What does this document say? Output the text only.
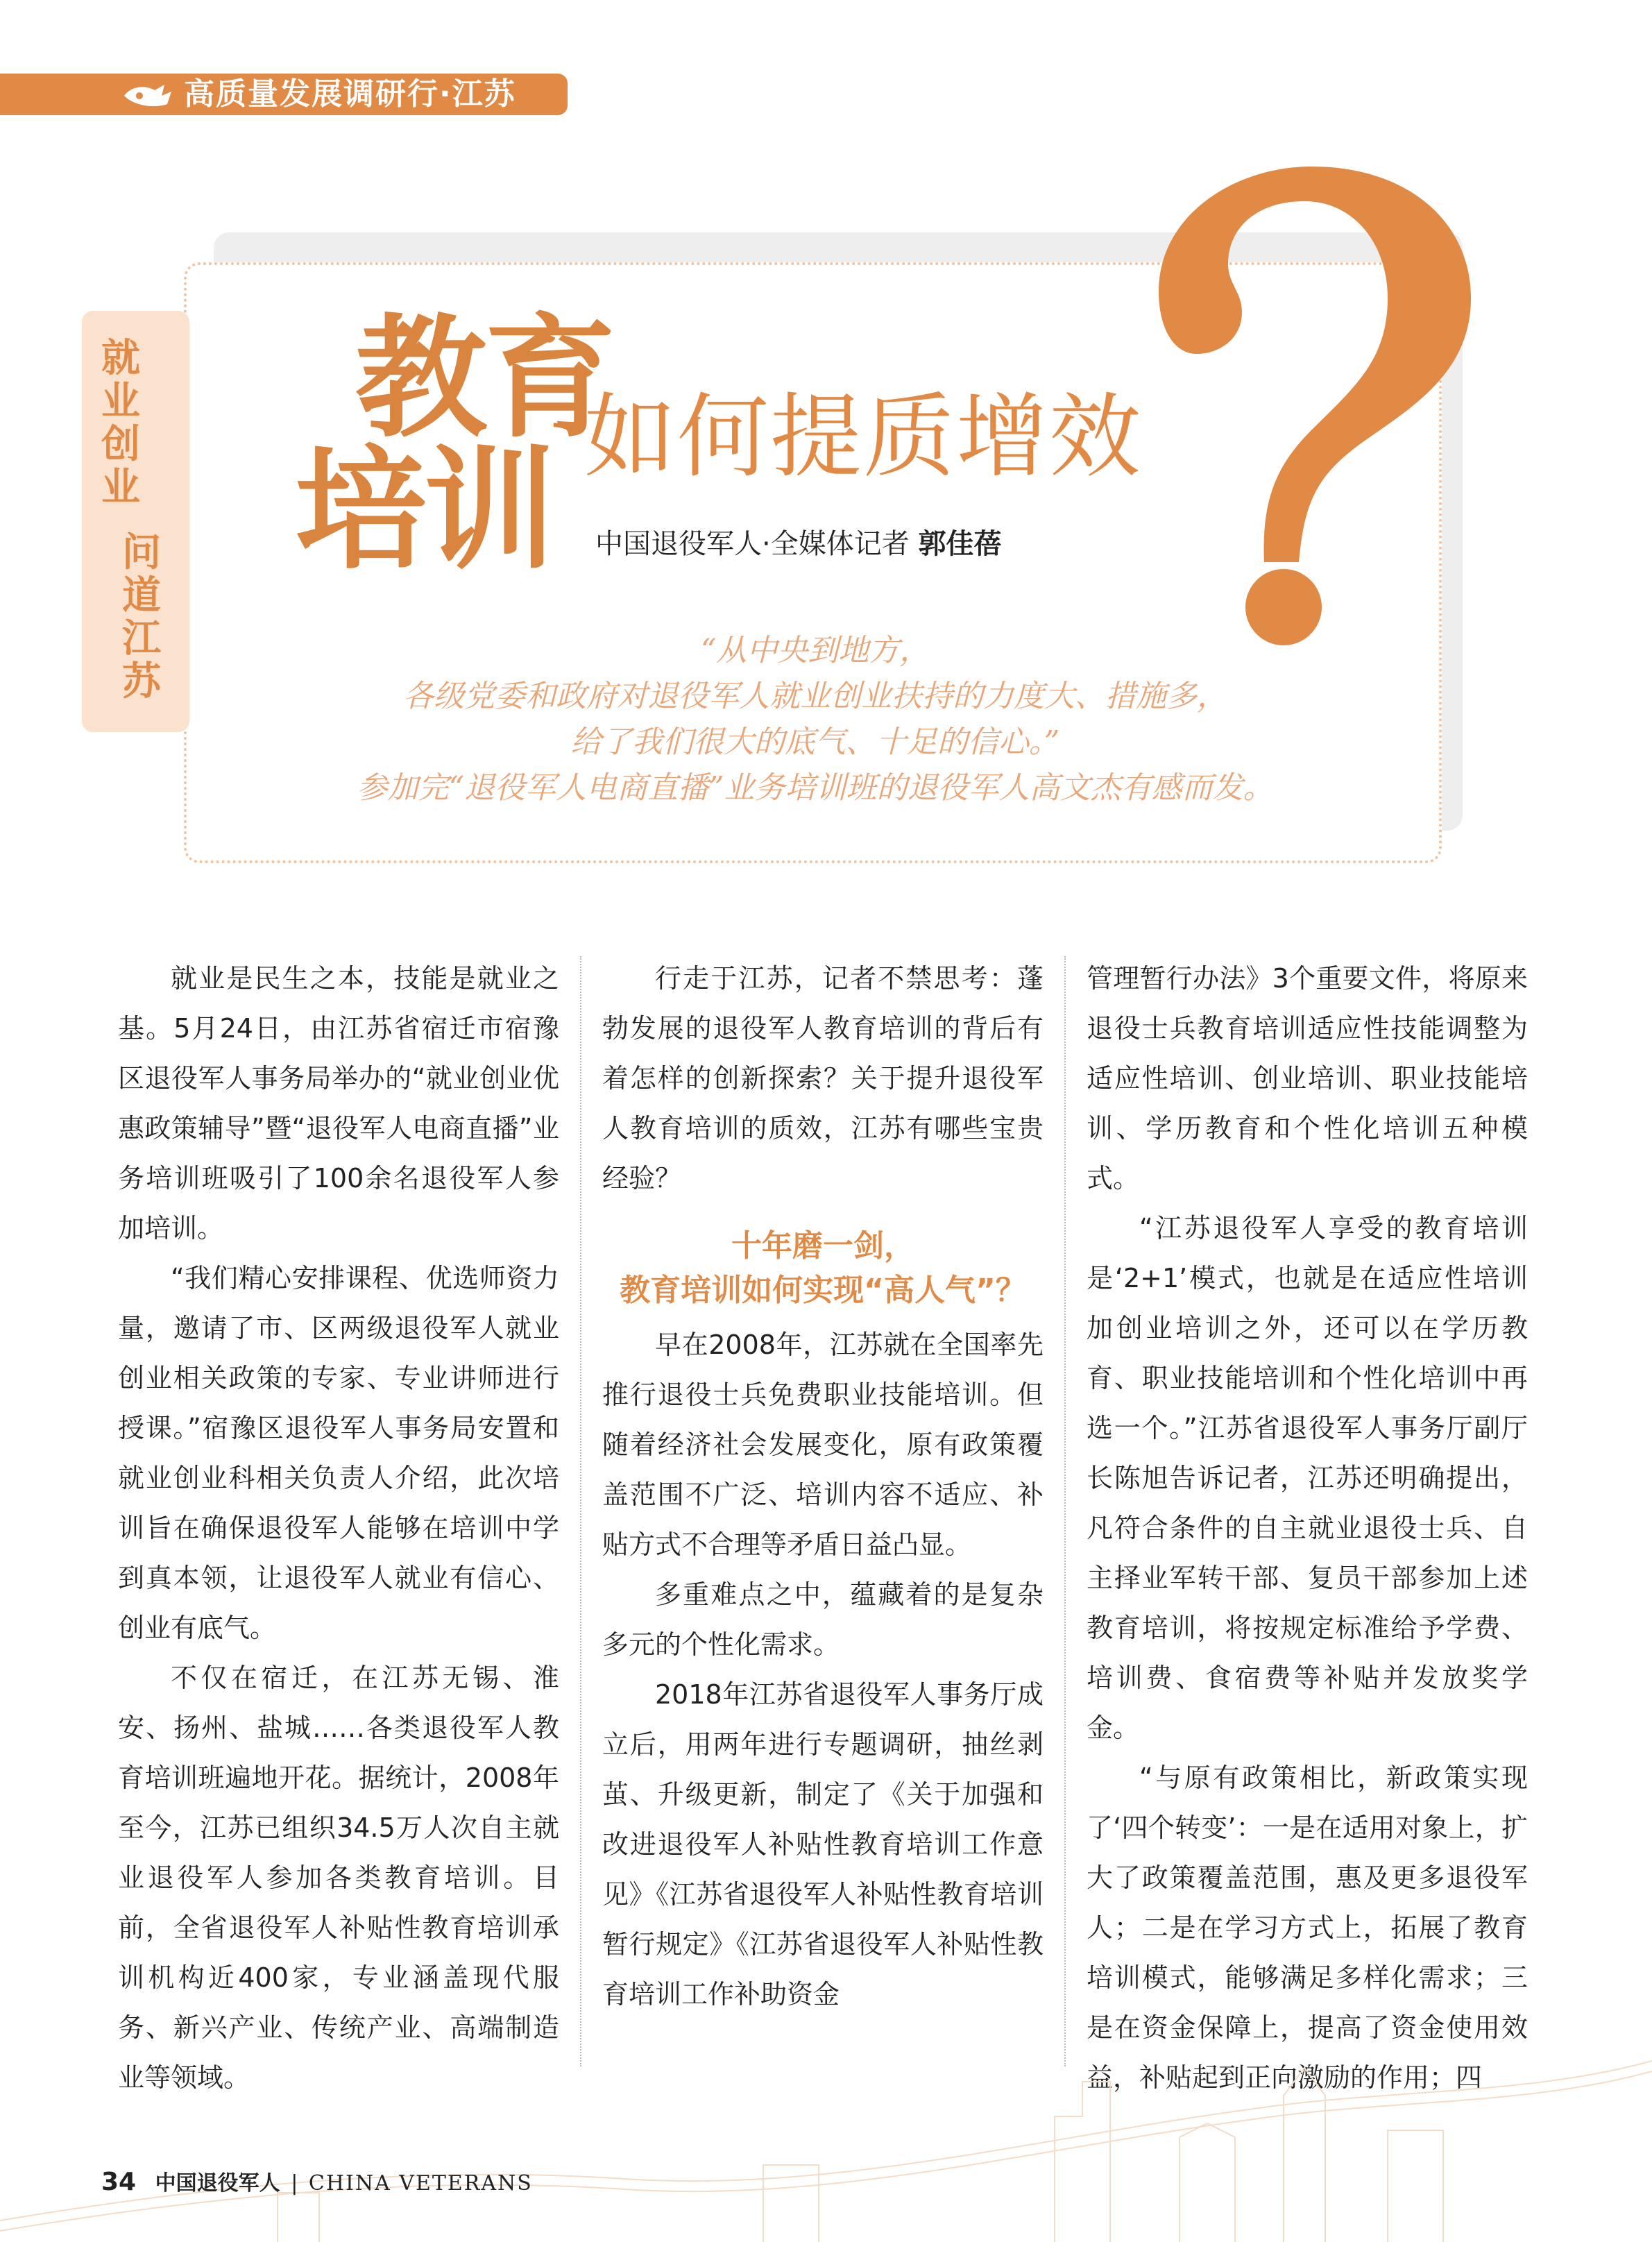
高质量发展调研行·江苏
就
业
创
业
问
道
江
苏
教育
培训 如何提质增效
中国退役军人·全媒体记者 郭佳蓓
“从中央到地方，
各级党委和政府对退役军人就业创业扶持的力度大、措施多，
给了我们很大的底气、十足的信心。”
参加完“退役军人电商直播”业务培训班的退役军人高文杰有感而发。

就业是民生之本，技能是就业之基。5月24日，由江苏省宿迁市宿豫区退役军人事务局举办的“就业创业优惠政策辅导”暨“退役军人电商直播”业务培训班吸引了100余名退役军人参加培训。

“我们精心安排课程、优选师资力量，邀请了市、区两级退役军人就业创业相关政策的专家、专业讲师进行授课。”宿豫区退役军人事务局安置和就业创业科相关负责人介绍，此次培训旨在确保退役军人能够在培训中学到真本领，让退役军人就业有信心、创业有底气。

不仅在宿迁，在江苏无锡、淮安、扬州、盐城……各类退役军人教育培训班遍地开花。据统计，2008年至今，江苏已组织34.5万人次自主就业退役军人参加各类教育培训。目前，全省退役军人补贴性教育培训承训机构近400家，专业涵盖现代服务、新兴产业、传统产业、高端制造业等领域。

行走于江苏，记者不禁思考：蓬勃发展的退役军人教育培训的背后有着怎样的创新探索？关于提升退役军人教育培训的质效，江苏有哪些宝贵经验？

十年磨一剑，
教育培训如何实现“高人气”？

早在2008年，江苏就在全国率先推行退役士兵免费职业技能培训。但随着经济社会发展变化，原有政策覆盖范围不广泛、培训内容不适应、补贴方式不合理等矛盾日益凸显。

多重难点之中，蕴藏着的是复杂多元的个性化需求。

2018年江苏省退役军人事务厅成立后，用两年进行专题调研，抽丝剥茧、升级更新，制定了《关于加强和改进退役军人补贴性教育培训工作意见》《江苏省退役军人补贴性教育培训暂行规定》《江苏省退役军人补贴性教育培训工作补助资金

管理暂行办法》3个重要文件，将原来退役士兵教育培训适应性技能调整为适应性培训、创业培训、职业技能培训、学历教育和个性化培训五种模式。

“江苏退役军人享受的教育培训是‘2+1’模式，也就是在适应性培训加创业培训之外，还可以在学历教育、职业技能培训和个性化培训中再选一个。”江苏省退役军人事务厅副厅长陈旭告诉记者，江苏还明确提出，凡符合条件的自主就业退役士兵、自主择业军转干部、复员干部参加上述教育培训，将按规定标准给予学费、培训费、食宿费等补贴并发放奖学金。

“与原有政策相比，新政策实现了‘四个转变’：一是在适用对象上，扩大了政策覆盖范围，惠及更多退役军人；二是在学习方式上，拓展了教育培训模式，能够满足多样化需求；三是在资金保障上，提高了资金使用效益，补贴起到正向激励的作用；四

34 中国退役军人 | CHINA VETERANS
